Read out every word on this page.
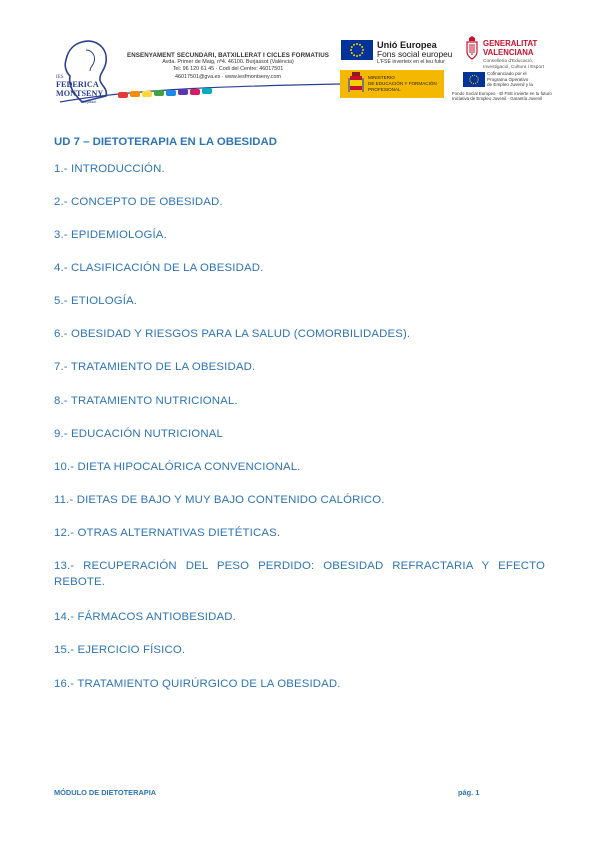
IES
FEDERICA
MONTSENY
Burjassot
ENSENYAMENT SECUNDARI, BATXILLERAT I CICLES FORMATIUS
Avda. Primer de Maig, nº4. 46100. Burjassot (València)
Tel: 96 120 61 45 · Codi del Centre: 46017501
46017501@gva.es · www.iesfmontseny.com
Unió Europea
Fons social europeu
L'FSE inverteix en el teu futur
GENERALITAT
VALENCIANA
Conselleria d'Educació,
Investigació, Cultura i Esport
MINISTERIO
DE EDUCACIÓN Y FORMACIÓN
PROFESIONAL
Cofinanciado por el
Programa Operativo
de Empleo Juvenil y la
Fondo Social Europeo · El FSE invierte en tu futuro
Iniciativa de Empleo Juvenil · Garantía Juvenil
UD 7 – DIETOTERAPIA EN LA OBESIDAD
1.- INTRODUCCIÓN.
2.- CONCEPTO DE OBESIDAD.
3.- EPIDEMIOLOGÍA.
4.- CLASIFICACIÓN DE LA OBESIDAD.
5.- ETIOLOGÍA.
6.- OBESIDAD Y RIESGOS PARA LA SALUD (COMORBILIDADES).
7.- TRATAMIENTO DE LA OBESIDAD.
8.- TRATAMIENTO NUTRICIONAL.
9.- EDUCACIÓN NUTRICIONAL
10.- DIETA HIPOCALÓRICA CONVENCIONAL.
11.- DIETAS DE BAJO Y MUY BAJO CONTENIDO CALÓRICO.
12.- OTRAS ALTERNATIVAS DIETÉTICAS.
13.- RECUPERACIÓN DEL PESO PERDIDO: OBESIDAD REFRACTARIA Y EFECTO REBOTE.
14.- FÁRMACOS ANTIOBESIDAD.
15.- EJERCICIO FÍSICO.
16.- TRATAMIENTO QUIRÚRGICO DE LA OBESIDAD.
MÓDULO DE DIETOTERAPIA	pág. 1
